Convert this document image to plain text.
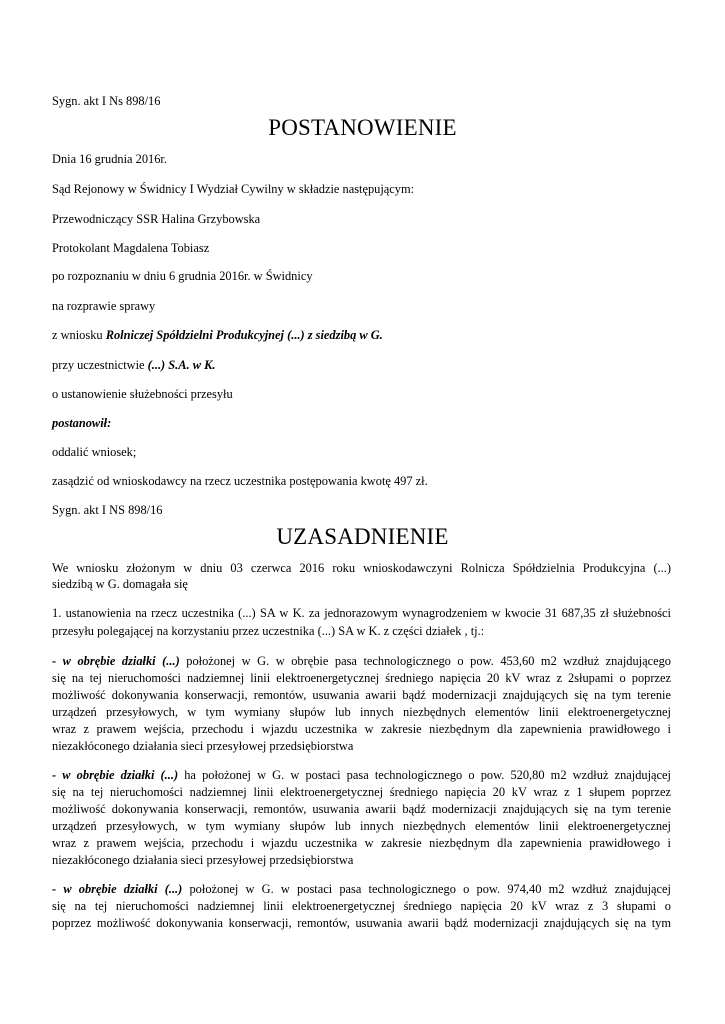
Sygn. akt I Ns 898/16
POSTANOWIENIE
Dnia 16 grudnia 2016r.
Sąd Rejonowy w Świdnicy I Wydział Cywilny w składzie następującym:
Przewodniczący SSR Halina Grzybowska
Protokolant Magdalena Tobiasz
po rozpoznaniu w dniu 6 grudnia 2016r. w Świdnicy
na rozprawie sprawy
z wniosku Rolniczej Spółdzielni Produkcyjnej (...) z siedzibą w G.
przy uczestnictwie (...) S.A. w K.
o ustanowienie służebności przesyłu
postanowił:
oddalić wniosek;
zasądzić od wnioskodawcy na rzecz uczestnika postępowania kwotę 497 zł.
Sygn. akt I NS 898/16
UZASADNIENIE
We wniosku złożonym w dniu 03 czerwca 2016 roku wnioskodawczyni Rolnicza Spółdzielnia Produkcyjna (...)
siedzibą w G. domagała się
1. ustanowienia na rzecz uczestnika (...) SA w K. za jednorazowym wynagrodzeniem w kwocie 31 687,35 zł służebności
przesyłu polegającej na korzystaniu przez uczestnika (...) SA w K. z części działek , tj.:
- w obrębie działki (...) położonej w G. w obrębie pasa technologicznego o pow. 453,60 m2 wzdłuż znajdującego
się na tej nieruchomości nadziemnej linii elektroenergetycznej średniego napięcia 20 kV wraz z 2słupami o poprzez
możliwość dokonywania konserwacji, remontów, usuwania awarii bądź modernizacji znajdujących się na tym terenie
urządzeń przesyłowych, w tym wymiany słupów lub innych niezbędnych elementów linii elektroenergetycznej
wraz z prawem wejścia, przechodu i wjazdu uczestnika w zakresie niezbędnym dla zapewnienia prawidłowego i
niezakłóconego działania sieci przesyłowej przedsiębiorstwa
- w obrębie działki (...) ha położonej w G. w postaci pasa technologicznego o pow. 520,80 m2 wzdłuż znajdującej
się na tej nieruchomości nadziemnej linii elektroenergetycznej średniego napięcia 20 kV wraz z 1 słupem poprzez
możliwość dokonywania konserwacji, remontów, usuwania awarii bądź modernizacji znajdujących się na tym terenie
urządzeń przesyłowych, w tym wymiany słupów lub innych niezbędnych elementów linii elektroenergetycznej
wraz z prawem wejścia, przechodu i wjazdu uczestnika w zakresie niezbędnym dla zapewnienia prawidłowego i
niezakłóconego działania sieci przesyłowej przedsiębiorstwa
- w obrębie działki (...) położonej w G. w postaci pasa technologicznego o pow. 974,40 m2 wzdłuż znajdującej
się na tej nieruchomości nadziemnej linii elektroenergetycznej średniego napięcia 20 kV wraz z 3 słupami o
poprzez możliwość dokonywania konserwacji, remontów, usuwania awarii bądź modernizacji znajdujących się na tym
